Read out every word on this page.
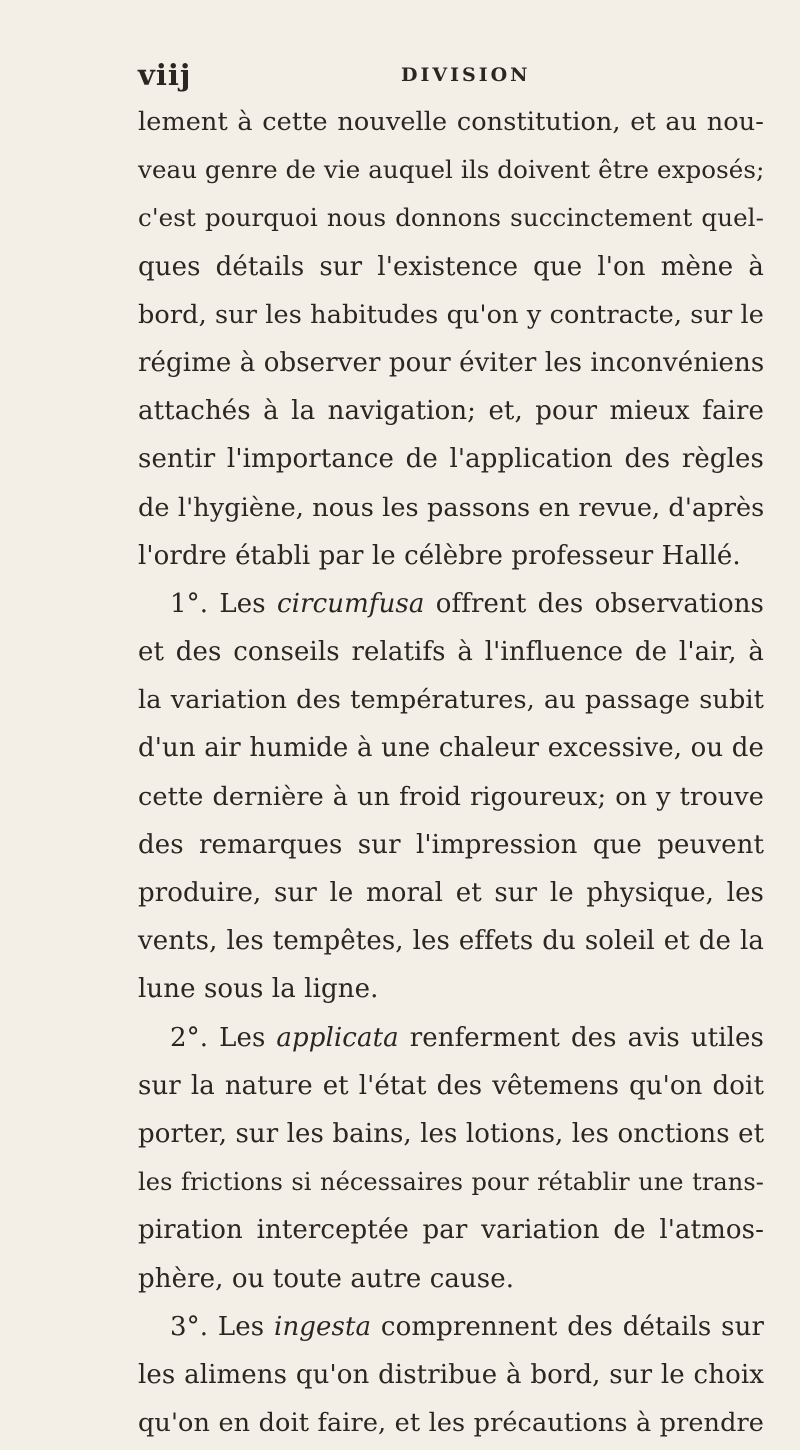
viij	DIVISION
lement à cette nouvelle constitution, et au nou-
veau genre de vie auquel ils doivent être exposés;
c'est pourquoi nous donnons succinctement quel-
ques détails sur l'existence que l'on mène à
bord, sur les habitudes qu'on y contracte, sur le
régime à observer pour éviter les inconvéniens
attachés à la navigation; et, pour mieux faire
sentir l'importance de l'application des règles
de l'hygiène, nous les passons en revue, d'après
l'ordre établi par le célèbre professeur Hallé.
1°. Les circumfusa offrent des observations
et des conseils relatifs à l'influence de l'air, à
la variation des températures, au passage subit
d'un air humide à une chaleur excessive, ou de
cette dernière à un froid rigoureux; on y trouve
des remarques sur l'impression que peuvent
produire, sur le moral et sur le physique, les
vents, les tempêtes, les effets du soleil et de la
lune sous la ligne.
2°. Les applicata renferment des avis utiles
sur la nature et l'état des vêtemens qu'on doit
porter, sur les bains, les lotions, les onctions et
les frictions si nécessaires pour rétablir une trans-
piration interceptée par variation de l'atmos-
phère, ou toute autre cause.
3°. Les ingesta comprennent des détails sur
les alimens qu'on distribue à bord, sur le choix
qu'on en doit faire, et les précautions à prendre
